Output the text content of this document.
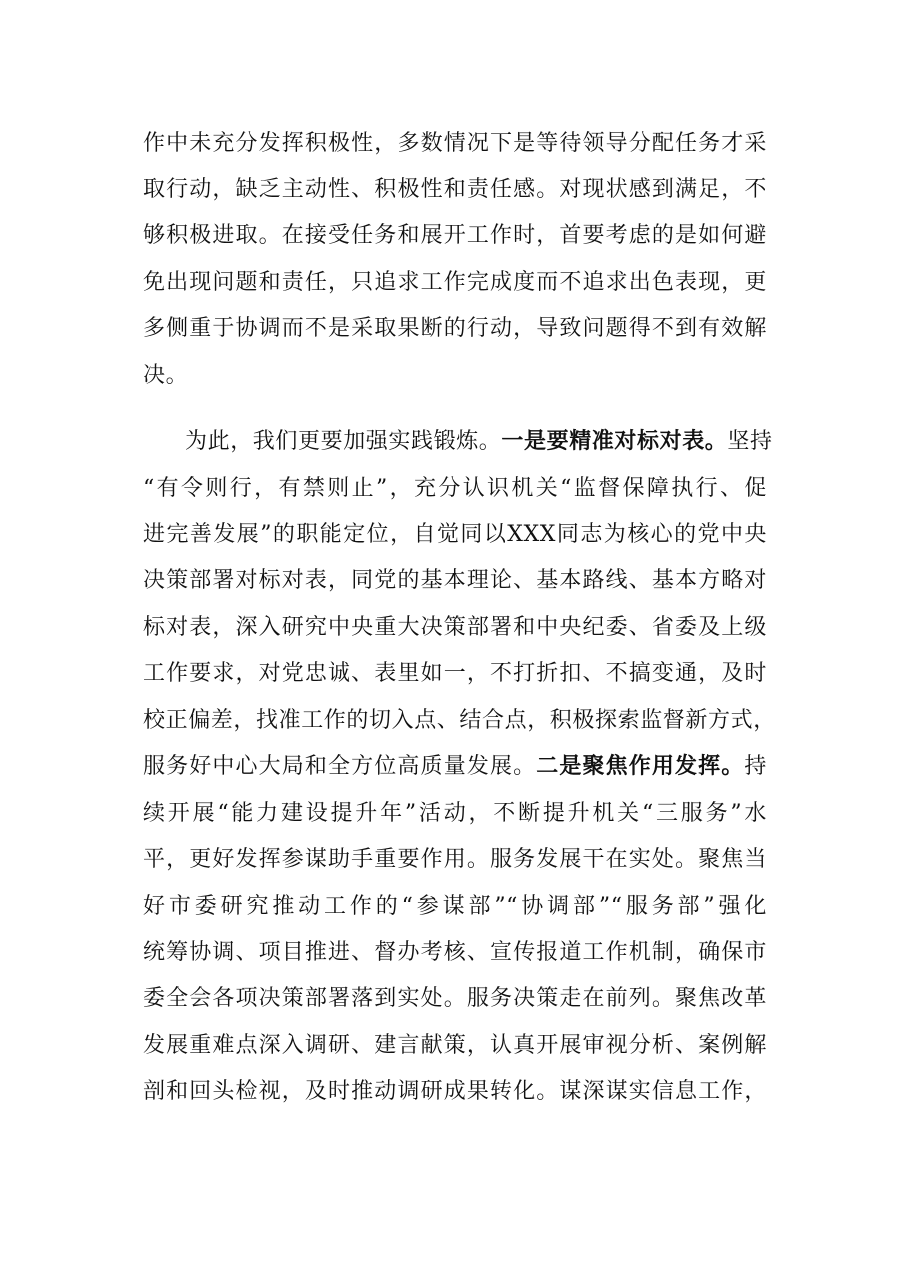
作中未充分发挥积极性，多数情况下是等待领导分配任务才采
取行动，缺乏主动性、积极性和责任感。对现状感到满足，不
够积极进取。在接受任务和展开工作时，首要考虑的是如何避
免出现问题和责任，只追求工作完成度而不追求出色表现，更
多侧重于协调而不是采取果断的行动，导致问题得不到有效解
决。
为此，我们更要加强实践锻炼。一是要精准对标对表。坚持
“有令则行，有禁则止”，充分认识机关“监督保障执行、促
进完善发展”的职能定位，自觉同以XXX同志为核心的党中央
决策部署对标对表，同党的基本理论、基本路线、基本方略对
标对表，深入研究中央重大决策部署和中央纪委、省委及上级
工作要求，对党忠诚、表里如一，不打折扣、不搞变通，及时
校正偏差，找准工作的切入点、结合点，积极探索监督新方式，
服务好中心大局和全方位高质量发展。二是聚焦作用发挥。持
续开展“能力建设提升年”活动，不断提升机关“三服务”水
平，更好发挥参谋助手重要作用。服务发展干在实处。聚焦当
好市委研究推动工作的“参谋部”“协调部”“服务部”强化
统筹协调、项目推进、督办考核、宣传报道工作机制，确保市
委全会各项决策部署落到实处。服务决策走在前列。聚焦改革
发展重难点深入调研、建言献策，认真开展审视分析、案例解
剖和回头检视，及时推动调研成果转化。谋深谋实信息工作，
